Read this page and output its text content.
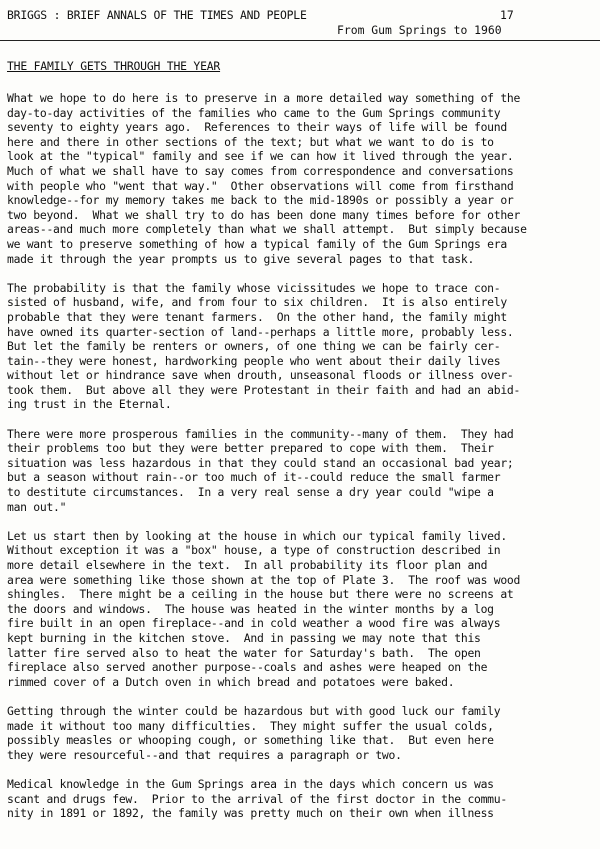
BRIGGS : BRIEF ANNALS OF THE TIMES AND PEOPLE	17
From Gum Springs to 1960
THE FAMILY GETS THROUGH THE YEAR
What we hope to do here is to preserve in a more detailed way something of the
day-to-day activities of the families who came to the Gum Springs community
seventy to eighty years ago.  References to their ways of life will be found
here and there in other sections of the text; but what we want to do is to
look at the "typical" family and see if we can how it lived through the year.
Much of what we shall have to say comes from correspondence and conversations
with people who "went that way."  Other observations will come from firsthand
knowledge--for my memory takes me back to the mid-1890s or possibly a year or
two beyond.  What we shall try to do has been done many times before for other
areas--and much more completely than what we shall attempt.  But simply because
we want to preserve something of how a typical family of the Gum Springs era
made it through the year prompts us to give several pages to that task.
The probability is that the family whose vicissitudes we hope to trace con-
sisted of husband, wife, and from four to six children.  It is also entirely
probable that they were tenant farmers.  On the other hand, the family might
have owned its quarter-section of land--perhaps a little more, probably less.
But let the family be renters or owners, of one thing we can be fairly cer-
tain--they were honest, hardworking people who went about their daily lives
without let or hindrance save when drouth, unseasonal floods or illness over-
took them.  But above all they were Protestant in their faith and had an abid-
ing trust in the Eternal.
There were more prosperous families in the community--many of them.  They had
their problems too but they were better prepared to cope with them.  Their
situation was less hazardous in that they could stand an occasional bad year;
but a season without rain--or too much of it--could reduce the small farmer
to destitute circumstances.  In a very real sense a dry year could "wipe a
man out."
Let us start then by looking at the house in which our typical family lived.
Without exception it was a "box" house, a type of construction described in
more detail elsewhere in the text.  In all probability its floor plan and
area were something like those shown at the top of Plate 3.  The roof was wood
shingles.  There might be a ceiling in the house but there were no screens at
the doors and windows.  The house was heated in the winter months by a log
fire built in an open fireplace--and in cold weather a wood fire was always
kept burning in the kitchen stove.  And in passing we may note that this
latter fire served also to heat the water for Saturday's bath.  The open
fireplace also served another purpose--coals and ashes were heaped on the
rimmed cover of a Dutch oven in which bread and potatoes were baked.
Getting through the winter could be hazardous but with good luck our family
made it without too many difficulties.  They might suffer the usual colds,
possibly measles or whooping cough, or something like that.  But even here
they were resourceful--and that requires a paragraph or two.
Medical knowledge in the Gum Springs area in the days which concern us was
scant and drugs few.  Prior to the arrival of the first doctor in the commu-
nity in 1891 or 1892, the family was pretty much on their own when illness
